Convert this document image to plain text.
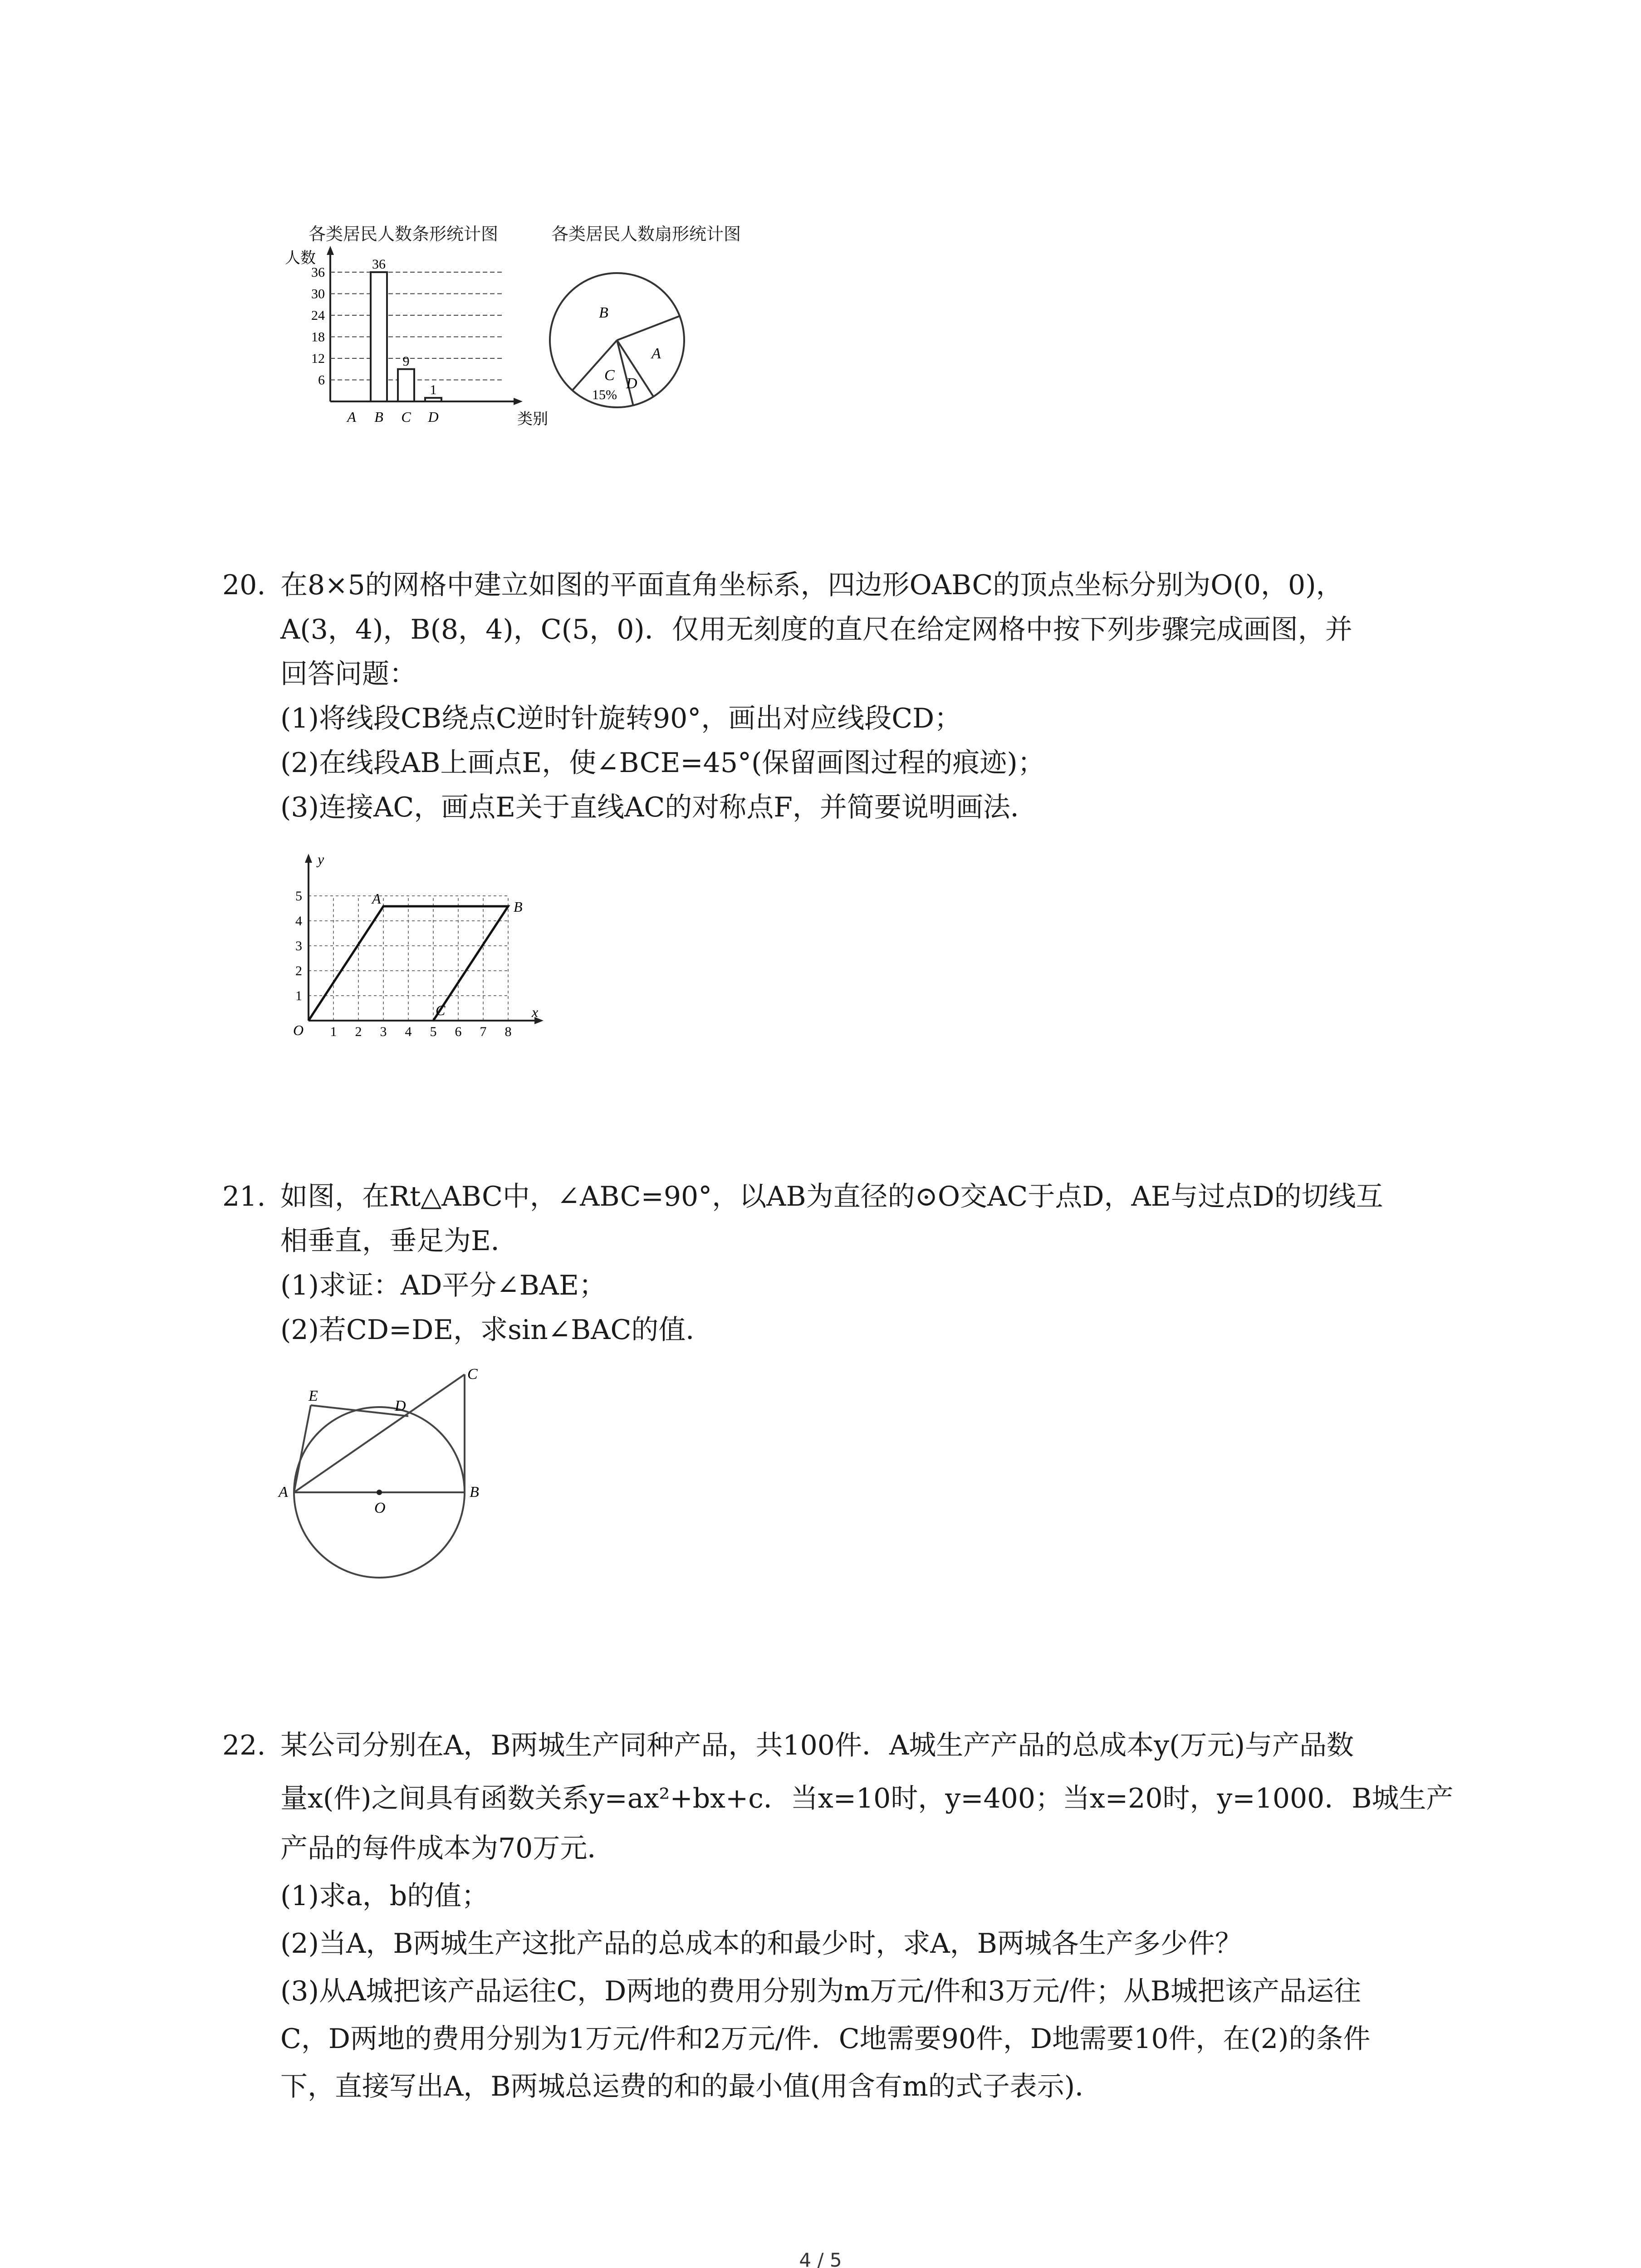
各类居民人数条形统计图	各类居民人数扇形统计图
人数
类别
6
12
18
24
30
36
36
9
1
A B C D
B
A
C D
15%
20. 在8×5的网格中建立如图的平面直角坐标系，四边形OABC的顶点坐标分别为O(0，0)，
A(3，4)，B(8，4)，C(5，0)．仅用无刻度的直尺在给定网格中按下列步骤完成画图，并
回答问题：
(1)将线段CB绕点C逆时针旋转90°，画出对应线段CD；
(2)在线段AB上画点E，使∠BCE=45°(保留画图过程的痕迹)；
(3)连接AC，画点E关于直线AC的对称点F，并简要说明画法．
1 2 3 4 5 6 7 8
1
2
3
4
5
y
x
O
A	B
C
21. 如图，在Rt△ABC中，∠ABC=90°，以AB为直径的⊙O交AC于点D，AE与过点D的切线互
相垂直，垂足为E．
(1)求证：AD平分∠BAE；
(2)若CD=DE，求sin∠BAC的值．
E
D
C
A
O
B
22. 某公司分别在A，B两城生产同种产品，共100件．A城生产产品的总成本y(万元)与产品数
量x(件)之间具有函数关系y=ax²+bx+c．当x=10时，y=400；当x=20时，y=1000．B城生产
产品的每件成本为70万元．
(1)求a，b的值；
(2)当A，B两城生产这批产品的总成本的和最少时，求A，B两城各生产多少件？
(3)从A城把该产品运往C，D两地的费用分别为m万元/件和3万元/件；从B城把该产品运往
C，D两地的费用分别为1万元/件和2万元/件．C地需要90件，D地需要10件，在(2)的条件
下，直接写出A，B两城总运费的和的最小值(用含有m的式子表示)．
4 / 5
